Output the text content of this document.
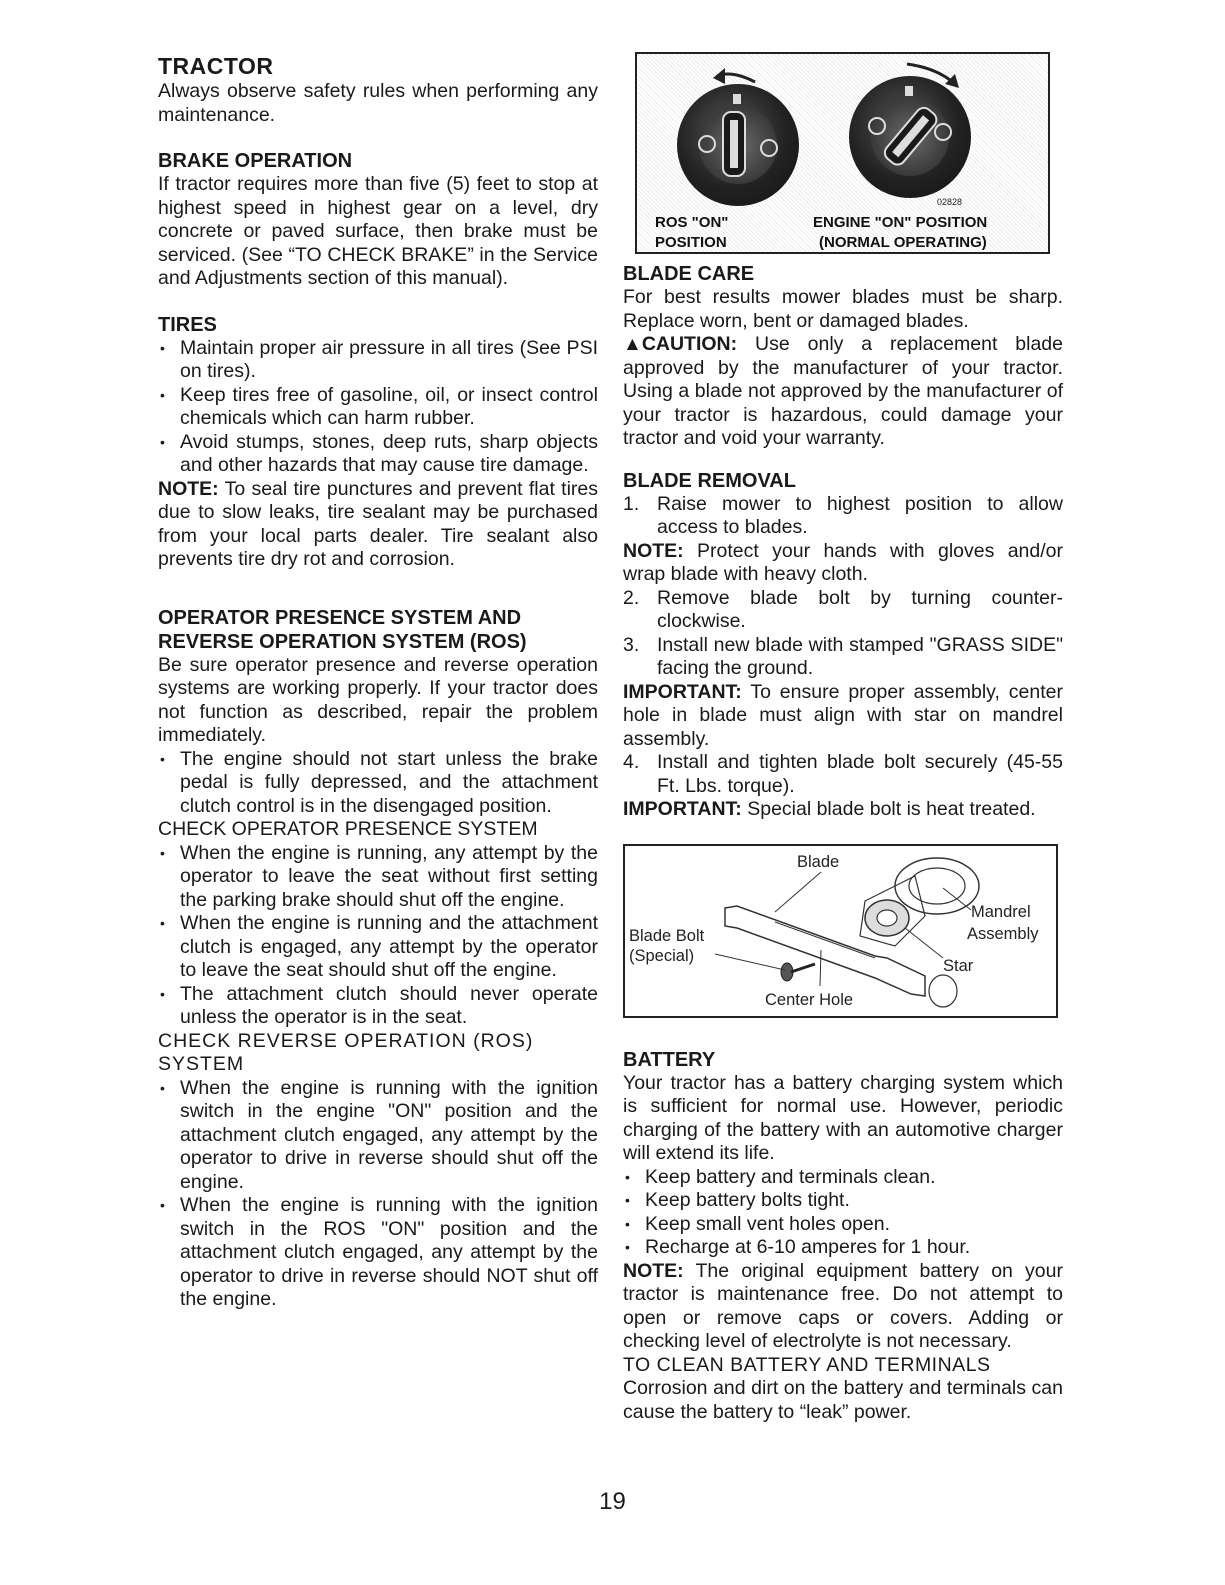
TRACTOR

Always observe safety rules when performing any maintenance.

BRAKE OPERATION

If tractor requires more than five (5) feet to stop at highest speed in highest gear on a level, dry concrete or paved surface, then brake must be serviced. (See “TO CHECK BRAKE” in the Service and Adjustments section of this manual).

TIRES
• Maintain proper air pressure in all tires (See PSI on tires).
• Keep tires free of gasoline, oil, or insect control chemicals which can harm rubber.
• Avoid stumps, stones, deep ruts, sharp objects and other hazards that may cause tire damage.

NOTE: To seal tire punctures and prevent flat tires due to slow leaks, tire sealant may be purchased from your local parts dealer. Tire sealant also prevents tire dry rot and corrosion.

OPERATOR PRESENCE SYSTEM AND
REVERSE OPERATION SYSTEM (ROS)

Be sure operator presence and reverse operation systems are working properly. If your tractor does not function as described, repair the problem immediately.

• The engine should not start unless the brake pedal is fully depressed, and the attachment clutch control is in the disengaged position.

CHECK OPERATOR PRESENCE SYSTEM

• When the engine is running, any attempt by the operator to leave the seat without first setting the parking brake should shut off the engine.
• When the engine is running and the attachment clutch is engaged, any attempt by the operator to leave the seat should shut off the engine.
• The attachment clutch should never operate unless the operator is in the seat.

CHECK REVERSE OPERATION (ROS) SYSTEM

• When the engine is running with the ignition switch in the engine "ON" position and the attachment clutch engaged, any attempt by the operator to drive in reverse should shut off the engine.
• When the engine is running with the ignition switch in the ROS "ON" position and the attachment clutch engaged, any attempt by the operator to drive in reverse should NOT shut off the engine.
02828
ROS "ON"
POSITION
ENGINE "ON" POSITION
(NORMAL OPERATING)
BLADE CARE

For best results mower blades must be sharp. Replace worn, bent or damaged blades.

▲CAUTION: Use only a replacement blade approved by the manufacturer of your tractor. Using a blade not approved by the manufacturer of your tractor is hazardous, could damage your tractor and void your warranty.

BLADE REMOVAL
1. Raise mower to highest position to allow access to blades.

NOTE: Protect your hands with gloves and/or wrap blade with heavy cloth.

2. Remove blade bolt by turning counter-clockwise.
3. Install new blade with stamped "GRASS SIDE" facing the ground.

IMPORTANT: To ensure proper assembly, center hole in blade must align with star on mandrel assembly.

4. Install and tighten blade bolt securely (45-55 Ft. Lbs. torque).

IMPORTANT: Special blade bolt is heat treated.

Blade
Mandrel
Assembly
Blade Bolt
(Special)
Star
Center Hole
BATTERY

Your tractor has a battery charging system which is sufficient for normal use. However, periodic charging of the battery with an automotive charger will extend its life.

• Keep battery and terminals clean.
• Keep battery bolts tight.
• Keep small vent holes open.
• Recharge at 6-10 amperes for 1 hour.

NOTE: The original equipment battery on your tractor is maintenance free. Do not attempt to open or remove caps or covers. Adding or checking level of electrolyte is not necessary.

TO CLEAN BATTERY AND TERMINALS

Corrosion and dirt on the battery and terminals can cause the battery to “leak” power.

19
